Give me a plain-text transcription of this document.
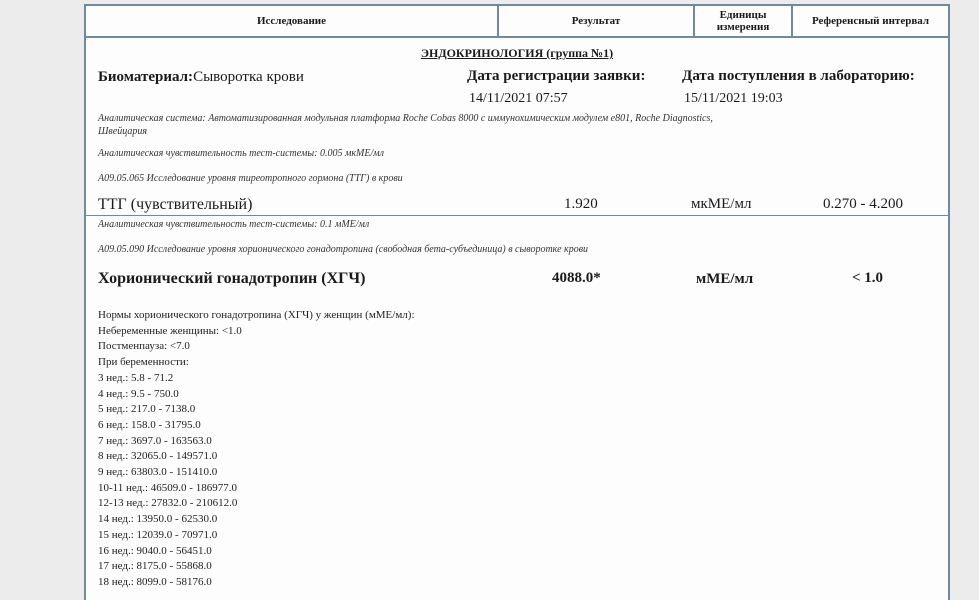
Исследование	Результат	Единицы измерения	Референсный интервал
ЭНДОКРИНОЛОГИЯ (группа №1)
Биоматериал:Сыворотка крови	Дата регистрации заявки:
14/11/2021 07:57
Дата поступления в лабораторию:
15/11/2021 19:03
Аналитическая система: Автоматизированная модульная платформа Roche Cobas 8000 с иммунохимическим модулем e801, Roche Diagnostics,
Швейцария
Аналитическая чувствительность тест-системы: 0.005 мкМЕ/мл
A09.05.065 Исследование уровня тиреотропного гормона (ТТГ) в крови
ТТГ (чувствительный)	1.920	мкМЕ/мл	0.270 - 4.200
Аналитическая чувствительность тест-системы: 0.1 мМЕ/мл
A09.05.090 Исследование уровня хорионического гонадотропина (свободная бета-субъединица) в сыворотке крови
Хорионический гонадотропин (ХГЧ)	4088.0*	мМЕ/мл	< 1.0
Нормы хорионического гонадотропина (ХГЧ) у женщин (мМЕ/мл):
Небеременные женщины: <1.0
Постменпауза: <7.0
При беременности:
3 нед.: 5.8 - 71.2
4 нед.: 9.5 - 750.0
5 нед.: 217.0 - 7138.0
6 нед.: 158.0 - 31795.0
7 нед.: 3697.0 - 163563.0
8 нед.: 32065.0 - 149571.0
9 нед.: 63803.0 - 151410.0
10-11 нед.: 46509.0 - 186977.0
12-13 нед.: 27832.0 - 210612.0
14 нед.: 13950.0 - 62530.0
15 нед.: 12039.0 - 70971.0
16 нед.: 9040.0 - 56451.0
17 нед.: 8175.0 - 55868.0
18 нед.: 8099.0 - 58176.0
